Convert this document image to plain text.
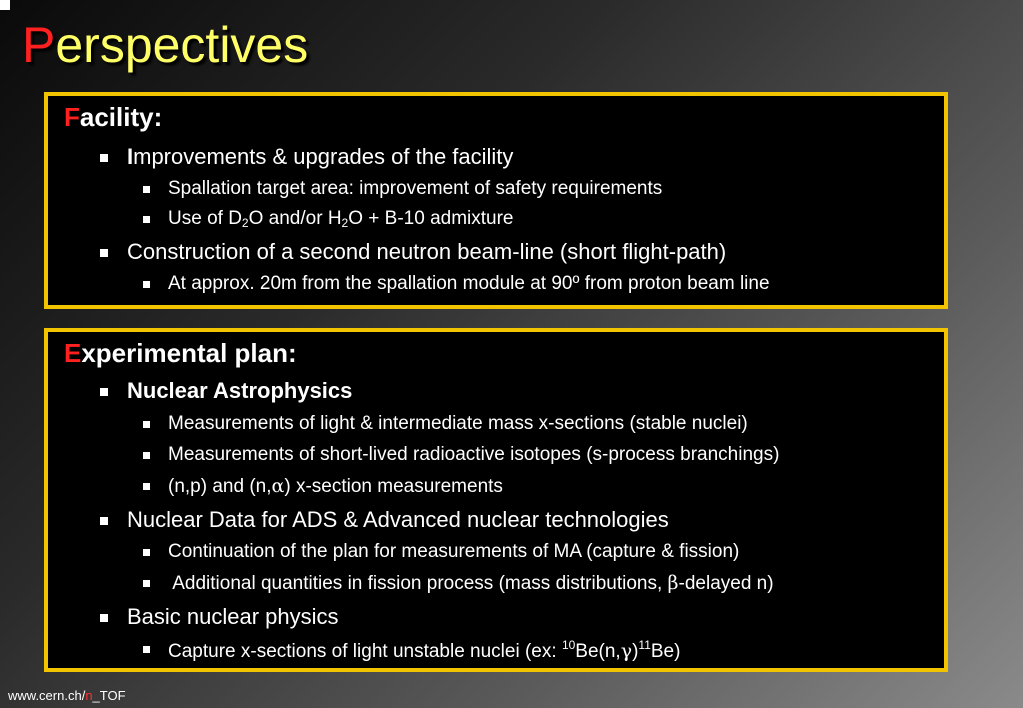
Perspectives
Facility:
Improvements & upgrades of the facility
Spallation target area: improvement of safety requirements
Use of $D_2O$ and/or $H_2O + B-10$ admixture
Construction of a second neutron beam-line (short flight-path)
At approx. 20m from the spallation module at 90º from proton beam line
Experimental plan:
Nuclear Astrophysics
Measurements of light & intermediate mass x-sections (stable nuclei)
Measurements of short-lived radioactive isotopes (s-process branchings)
(n,p) and (n,α) x-section measurements
Nuclear Data for ADS & Advanced nuclear technologies
Continuation of the plan for measurements of MA (capture & fission)
Additional quantities in fission process (mass distributions, β-delayed n)
Basic nuclear physics
Capture x-sections of light unstable nuclei (ex: $^{10}Be(n,\gamma)^{11}Be$)
www.cern.ch/n_TOF
